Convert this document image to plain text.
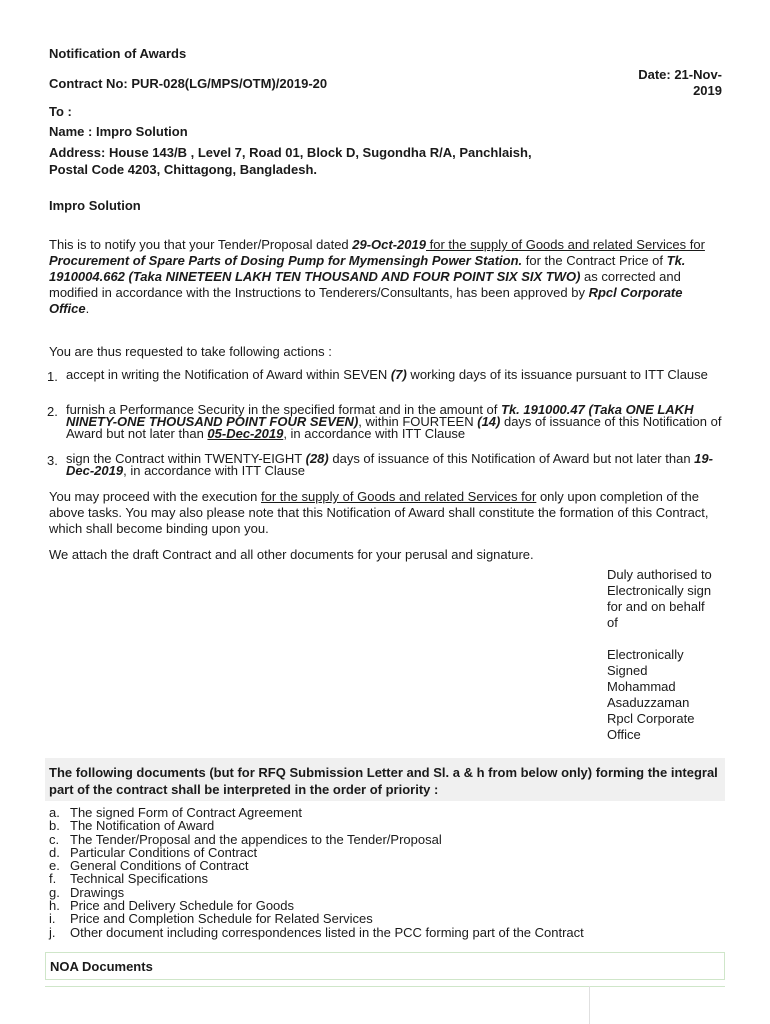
Notification of Awards
Contract No: PUR-028(LG/MPS/OTM)/2019-20
Date: 21-Nov-
2019
To :
Name : Impro Solution
Address: House 143/B , Level 7, Road 01, Block D, Sugondha R/A, Panchlaish,
Postal Code 4203, Chittagong, Bangladesh.
Impro Solution
This is to notify you that your Tender/Proposal dated 29-Oct-2019 for the supply of Goods and related Services for Procurement of Spare Parts of Dosing Pump for Mymensingh Power Station. for the Contract Price of Tk. 1910004.662 (Taka NINETEEN LAKH TEN THOUSAND AND FOUR POINT SIX SIX TWO) as corrected and modified in accordance with the Instructions to Tenderers/Consultants, has been approved by Rpcl Corporate Office.
You are thus requested to take following actions :
1. accept in writing the Notification of Award within SEVEN (7) working days of its issuance pursuant to ITT Clause
2. furnish a Performance Security in the specified format and in the amount of Tk. 191000.47 (Taka ONE LAKH NINETY-ONE THOUSAND POINT FOUR SEVEN), within FOURTEEN (14) days of issuance of this Notification of Award but not later than 05-Dec-2019, in accordance with ITT Clause
3. sign the Contract within TWENTY-EIGHT (28) days of issuance of this Notification of Award but not later than 19-Dec-2019, in accordance with ITT Clause
You may proceed with the execution for the supply of Goods and related Services for only upon completion of the above tasks. You may also please note that this Notification of Award shall constitute the formation of this Contract, which shall become binding upon you.
We attach the draft Contract and all other documents for your perusal and signature.
Duly authorised to
Electronically sign
for and on behalf
of
Electronically
Signed
Mohammad
Asaduzzaman
Rpcl Corporate
Office
The following documents (but for RFQ Submission Letter and Sl. a & h from below only) forming the integral part of the contract shall be interpreted in the order of priority :
a. The signed Form of Contract Agreement
b. The Notification of Award
c. The Tender/Proposal and the appendices to the Tender/Proposal
d. Particular Conditions of Contract
e. General Conditions of Contract
f.	Technical Specifications
g. Drawings
h. Price and Delivery Schedule for Goods
i.	Price and Completion Schedule for Related Services
j.	Other document including correspondences listed in the PCC forming part of the Contract
NOA Documents
